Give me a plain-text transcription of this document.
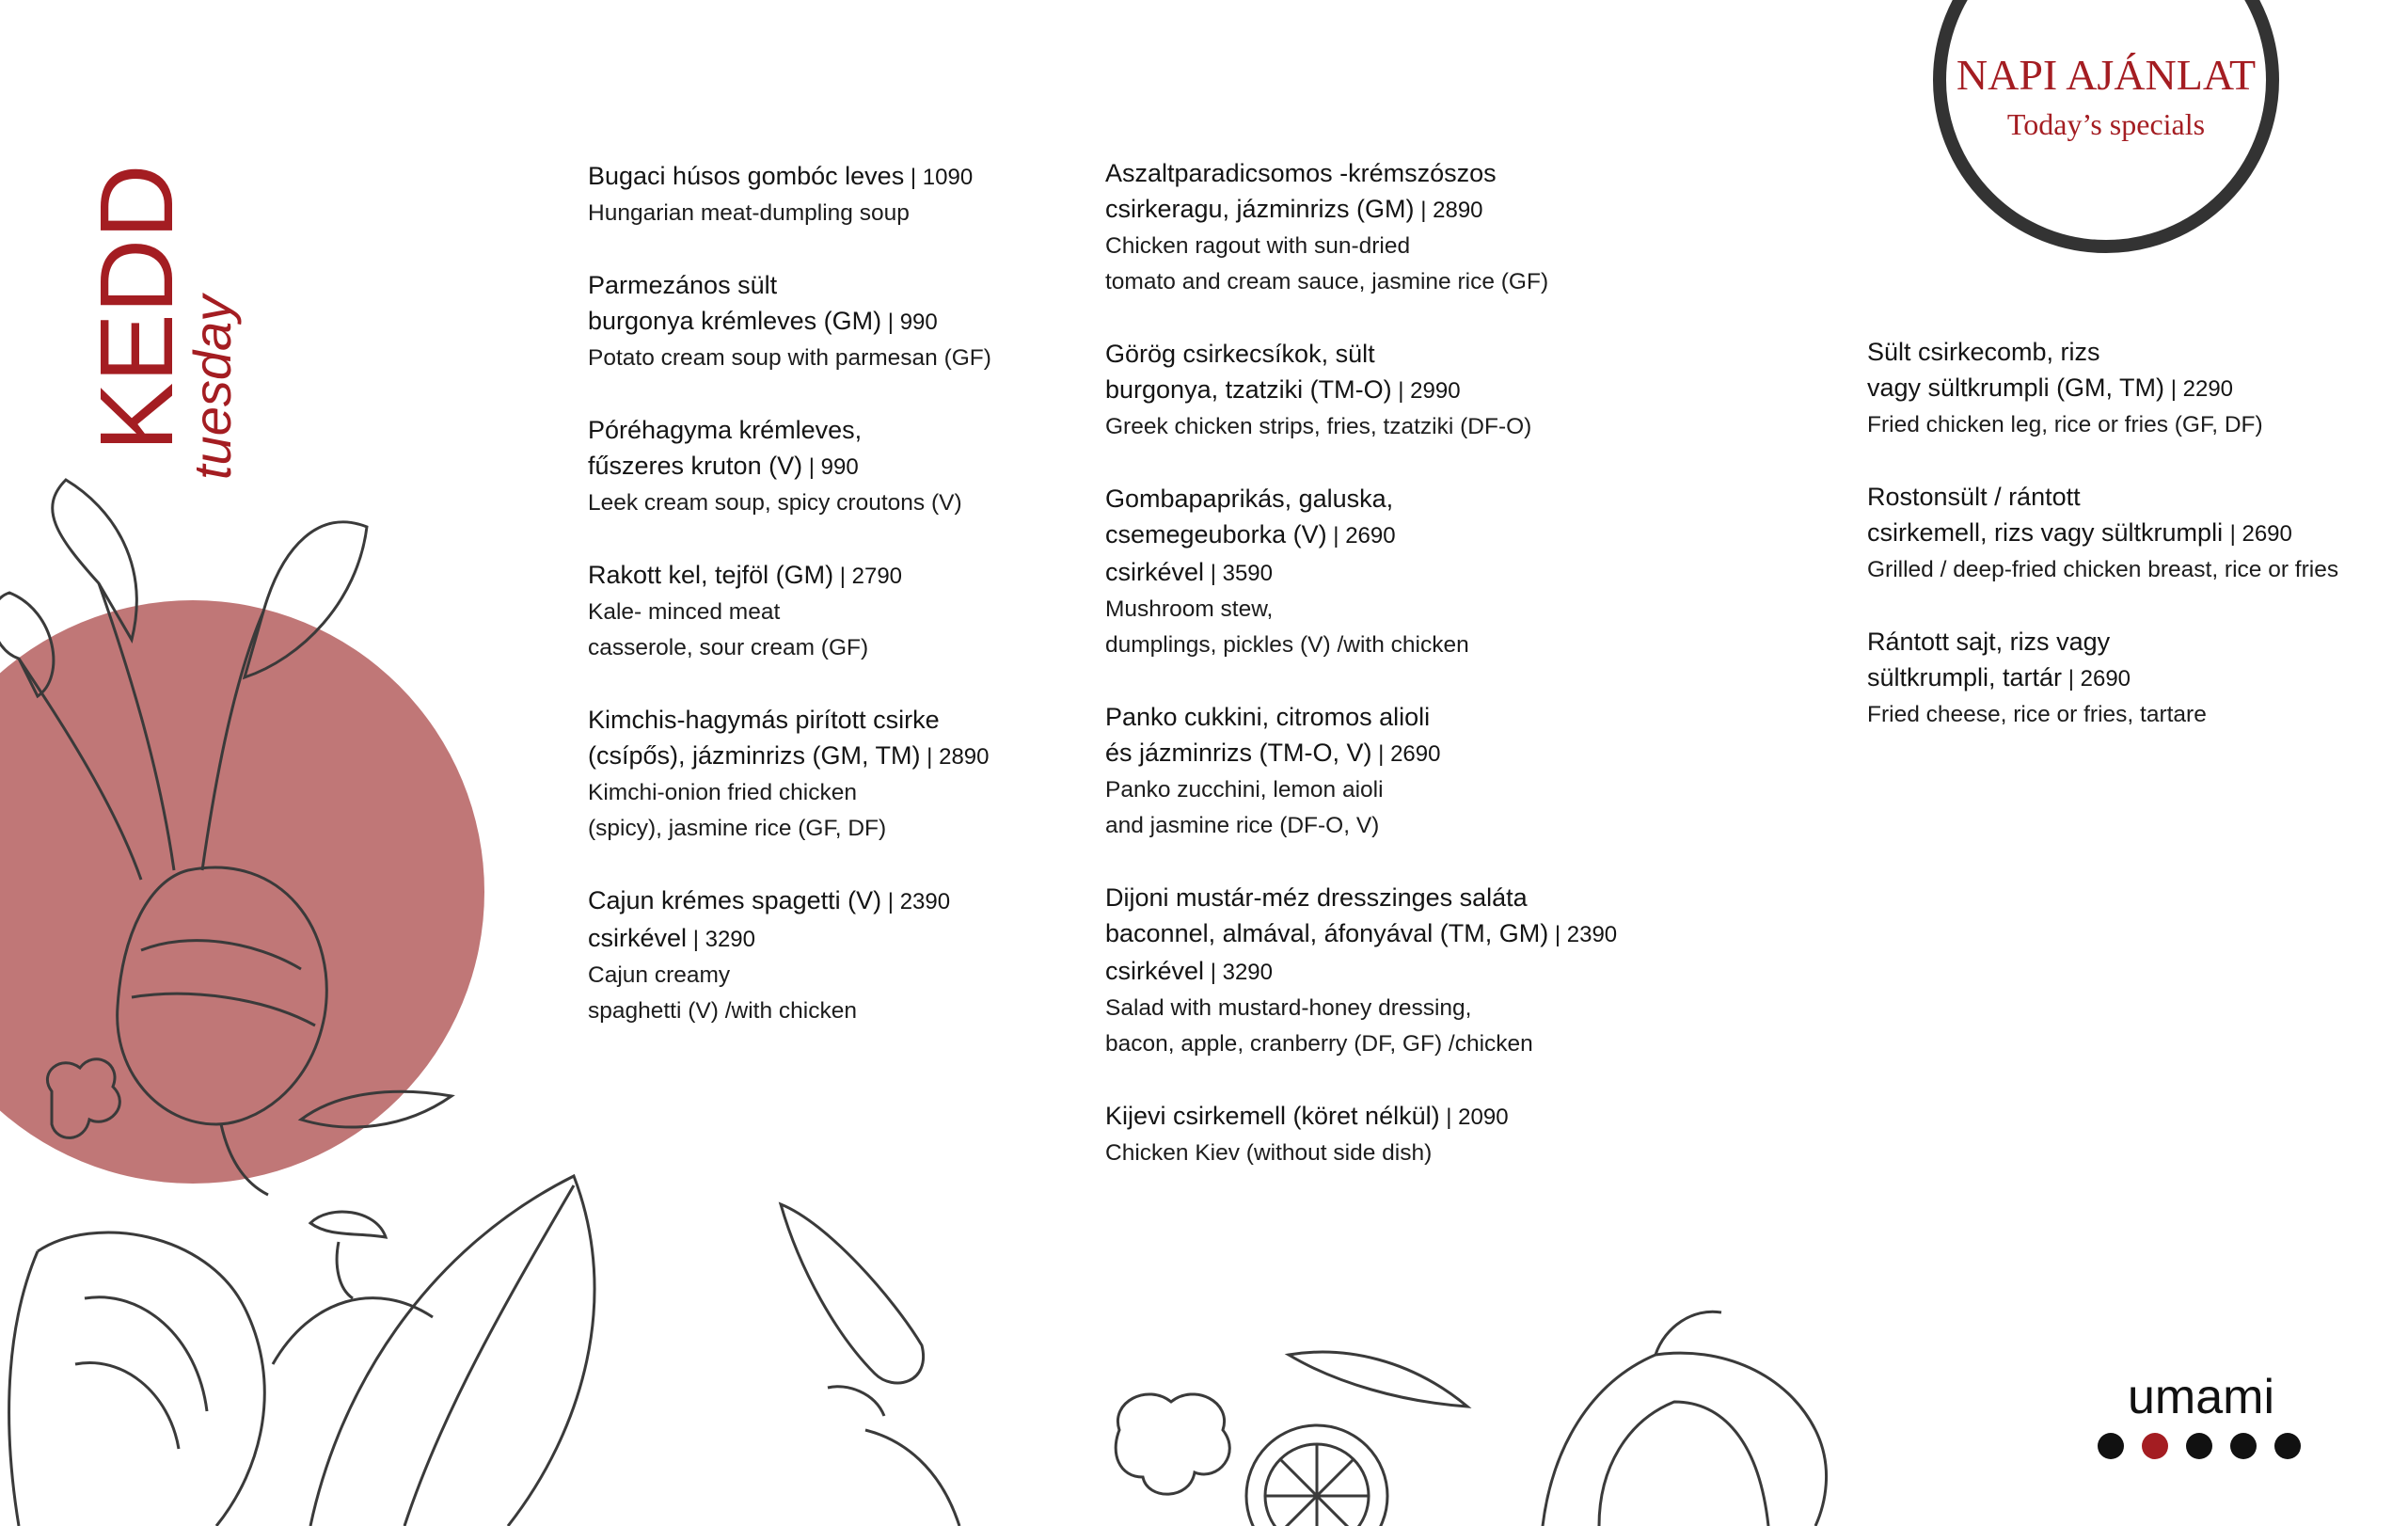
KEDD
tuesday
NAPI AJÁNLAT
Today’s specials
Bugaci húsos gombóc leves | 1090
Hungarian meat-dumpling soup
Parmezános sült
burgonya krémleves (GM) | 990
Potato cream soup with parmesan (GF)
Póréhagyma krémleves,
fűszeres kruton (V) | 990
Leek cream soup, spicy croutons (V)
Rakott kel, tejföl (GM) | 2790
Kale- minced meat
casserole, sour cream (GF)
Kimchis-hagymás pirított csirke
(csípős), jázminrizs (GM, TM) | 2890
Kimchi-onion fried chicken
(spicy), jasmine rice (GF, DF)
Cajun krémes spagetti (V) | 2390
csirkével | 3290
Cajun creamy
spaghetti (V) /with chicken
Aszaltparadicsomos -krémszószos
csirkeragu, jázminrizs (GM) | 2890
Chicken ragout with sun-dried
tomato and cream sauce, jasmine rice (GF)
Görög csirkecsíkok, sült
burgonya, tzatziki (TM-O) | 2990
Greek chicken strips, fries, tzatziki (DF-O)
Gombapaprikás, galuska,
csemegeuborka (V) | 2690
csirkével | 3590
Mushroom stew,
dumplings, pickles (V) /with chicken
Panko cukkini, citromos alioli
és jázminrizs (TM-O, V) | 2690
Panko zucchini, lemon aioli
and jasmine rice (DF-O, V)
Dijoni mustár-méz dresszinges saláta
baconnel, almával, áfonyával (TM, GM) | 2390
csirkével | 3290
Salad with mustard-honey dressing,
bacon, apple, cranberry (DF, GF) /chicken
Kijevi csirkemell (köret nélkül) | 2090
Chicken Kiev (without side dish)
Sült csirkecomb, rizs
vagy sültkrumpli (GM, TM) | 2290
Fried chicken leg, rice or fries (GF, DF)
Rostonsült / rántott
csirkemell, rizs vagy sültkrumpli | 2690
Grilled / deep-fried chicken breast, rice or fries
Rántott sajt, rizs vagy
sültkrumpli, tartár | 2690
Fried cheese, rice or fries, tartare
umami
